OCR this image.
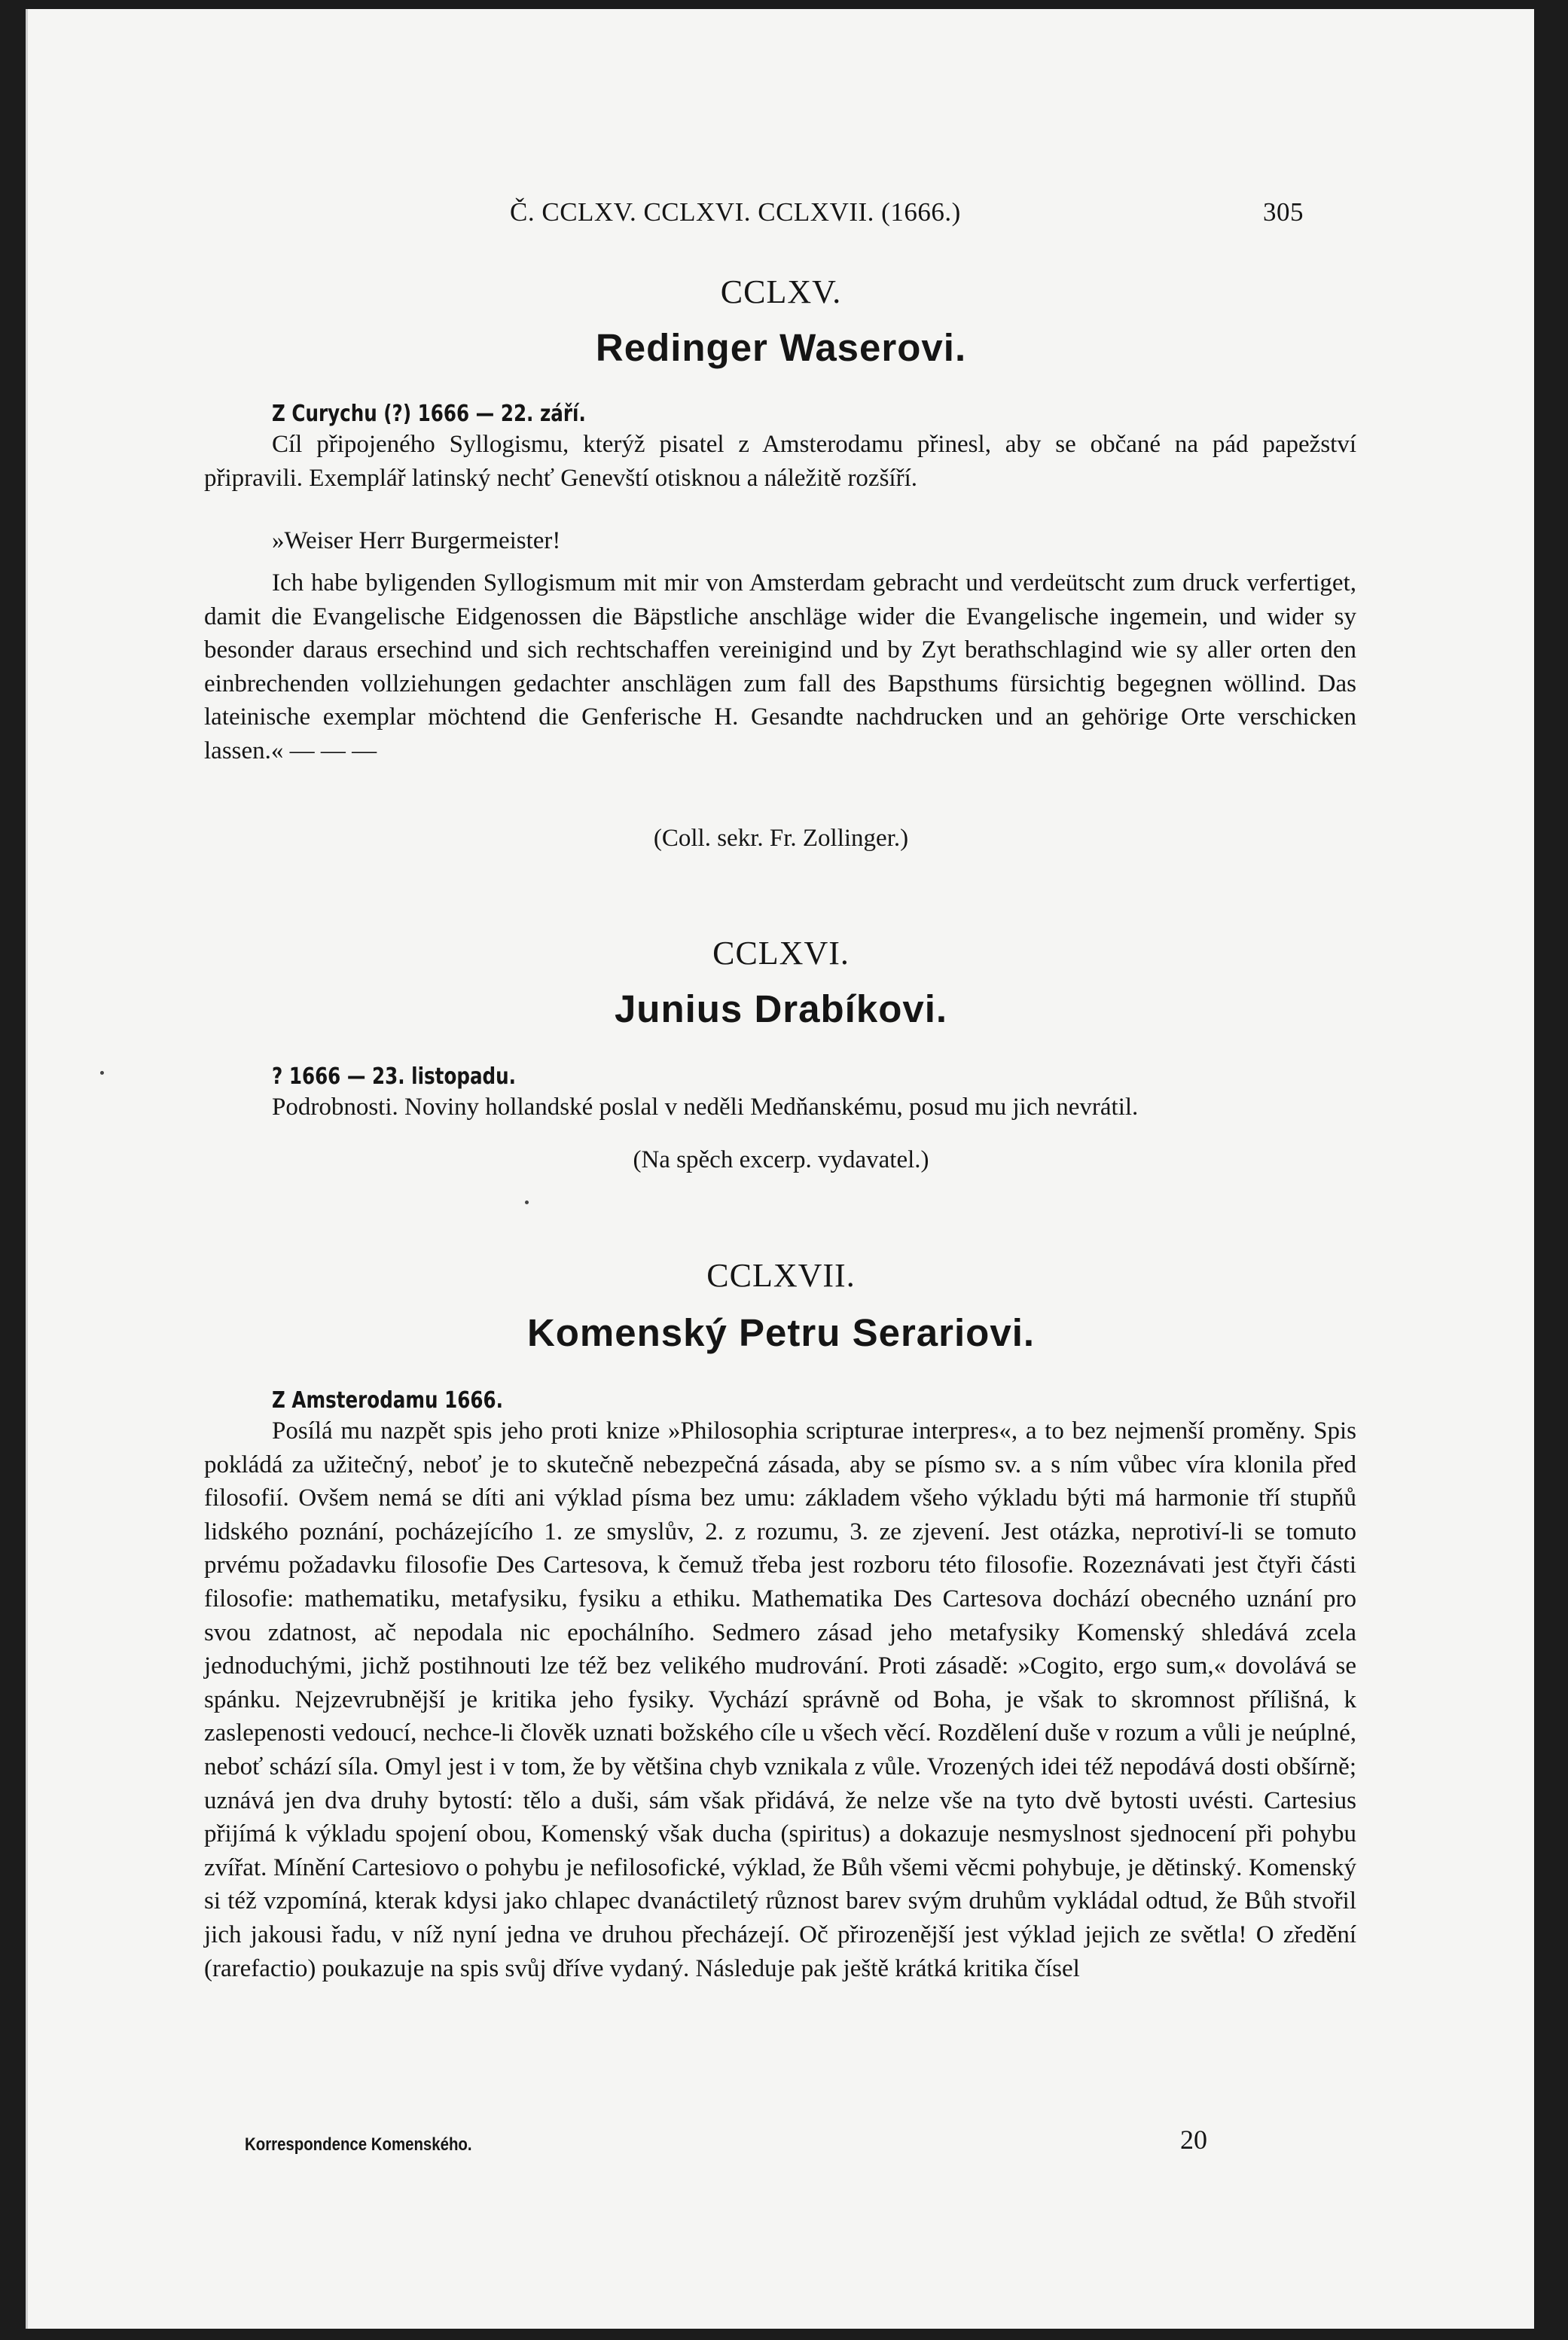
Č. CCLXV. CCLXVI. CCLXVII. (1666.)	305
CCLXV.
Redinger Waserovi.
Z Curychu (?) 1666 — 22. září.

Cíl připojeného Syllogismu, kterýž pisatel z Amsterodamu přinesl, aby se občané na pád papežství připravili. Exemplář latinský nechť Genevští otisknou a náležitě rozšíří.

»Weiser Herr Burgermeister!

Ich habe byligenden Syllogismum mit mir von Amsterdam gebracht und verdeütscht zum druck verfertiget, damit die Evangelische Eidgenossen die Bäpstliche anschläge wider die Evangelische ingemein, und wider sy besonder daraus ersechind und sich rechtschaffen vereinigind und by Zyt berathschlagind wie sy aller orten den einbrechenden vollziehungen gedachter anschlägen zum fall des Bapsthums fürsichtig begegnen wöllind. Das lateinische exemplar möchtend die Genferische H. Gesandte nachdrucken und an gehörige Orte verschicken lassen.« — — —

(Coll. sekr. Fr. Zollinger.)
CCLXVI.
Junius Drabíkovi.
? 1666 — 23. listopadu.

Podrobnosti. Noviny hollandské poslal v neděli Medňanskému, posud mu jich nevrátil.

(Na spěch excerp. vydavatel.)
CCLXVII.
Komenský Petru Serariovi.
Z Amsterodamu 1666.

Posílá mu nazpět spis jeho proti knize »Philosophia scripturae interpres«, a to bez nejmenší proměny. Spis pokládá za užitečný, neboť je to skutečně nebezpečná zásada, aby se písmo sv. a s ním vůbec víra klonila před filosofií. Ovšem nemá se díti ani výklad písma bez umu: základem všeho výkladu býti má harmonie tří stupňů lidského poznání, pocházejícího 1. ze smyslův, 2. z rozumu, 3. ze zjevení. Jest otázka, neprotiví-li se tomuto prvému požadavku filosofie Des Cartesova, k čemuž třeba jest rozboru této filosofie. Rozeznávati jest čtyři části filosofie: mathematiku, metafysiku, fysiku a ethiku. Mathematika Des Cartesova dochází obecného uznání pro svou zdatnost, ač nepodala nic epochálního. Sedmero zásad jeho metafysiky Komenský shledává zcela jednoduchými, jichž postihnouti lze též bez velikého mudrování. Proti zásadě: »Cogito, ergo sum,« dovolává se spánku. Nejzevrubnější je kritika jeho fysiky. Vychází správně od Boha, je však to skromnost přílišná, k zaslepenosti vedoucí, nechce-li člověk uznati božského cíle u všech věcí. Rozdělení duše v rozum a vůli je neúplné, neboť schází síla. Omyl jest i v tom, že by většina chyb vznikala z vůle. Vrozených idei též nepodává dosti obšírně; uznává jen dva druhy bytostí: tělo a duši, sám však přidává, že nelze vše na tyto dvě bytosti uvésti. Cartesius přijímá k výkladu spojení obou, Komenský však ducha (spiritus) a dokazuje nesmyslnost sjednocení při pohybu zvířat. Mínění Cartesiovo o pohybu je nefilosofické, výklad, že Bůh všemi věcmi pohybuje, je dětinský. Komenský si též vzpomíná, kterak kdysi jako chlapec dvanáctiletý různost barev svým druhům vykládal odtud, že Bůh stvořil jich jakousi řadu, v níž nyní jedna ve druhou přecházejí. Oč přirozenější jest výklad jejich ze světla! O zředění (rarefactio) poukazuje na spis svůj dříve vydaný. Následuje pak ještě krátká kritika čísel

Korrespondence Komenského.	20
